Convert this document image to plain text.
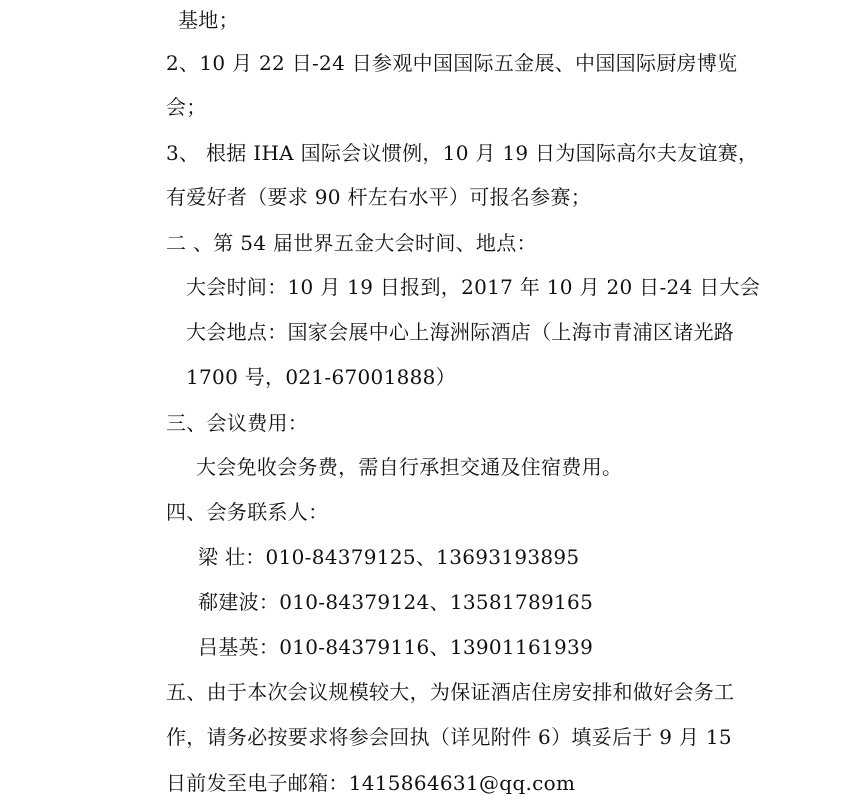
基地；
2、10 月 22 日-24 日参观中国国际五金展、中国国际厨房博览
会；
3、 根据 IHA 国际会议惯例，10 月 19 日为国际高尔夫友谊赛，
有爱好者（要求 90 杆左右水平）可报名参赛；
二 、第 54 届世界五金大会时间、地点：
大会时间：10 月 19 日报到，2017 年 10 月 20 日-24 日大会
大会地点：国家会展中心上海洲际酒店（上海市青浦区诸光路
1700 号，021-67001888）
三、会议费用：
大会免收会务费，需自行承担交通及住宿费用。
四、会务联系人：
梁 壮：010-84379125、13693193895
郗建波：010-84379124、13581789165
吕基英：010-84379116、13901161939
五、由于本次会议规模较大，为保证酒店住房安排和做好会务工
作，请务必按要求将参会回执（详见附件 6）填妥后于 9 月 15
日前发至电子邮箱：1415864631@qq.com
